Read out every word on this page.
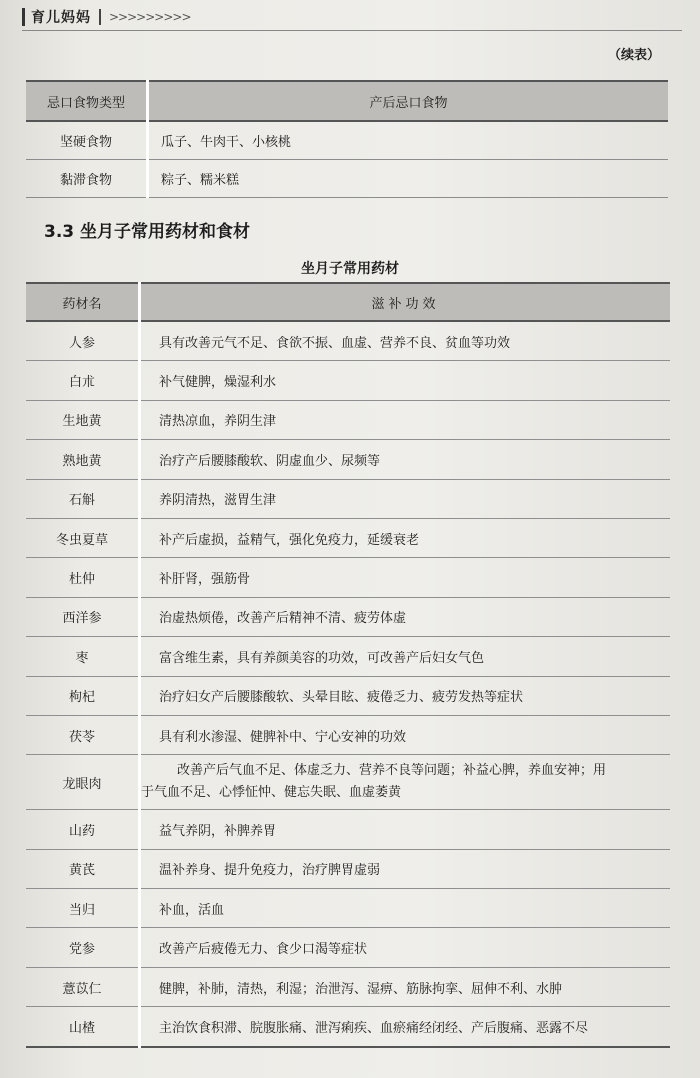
育儿妈妈 >>>>>>>>>
（续表）
忌口食物类型	产后忌口食物
坚硬食物	瓜子、牛肉干、小核桃
黏滞食物	粽子、糯米糕
3.3 坐月子常用药材和食材
坐月子常用药材
药材名	滋补功效
人参	具有改善元气不足、食欲不振、血虚、营养不良、贫血等功效
白朮	补气健脾，燥湿利水
生地黄	清热凉血，养阴生津
熟地黄	治疗产后腰膝酸软、阴虚血少、尿频等
石斛	养阴清热，滋胃生津
冬虫夏草	补产后虚损，益精气，强化免疫力，延缓衰老
杜仲	补肝肾，强筋骨
西洋参	治虚热烦倦，改善产后精神不清、疲劳体虚
枣	富含维生素，具有养颜美容的功效，可改善产后妇女气色
枸杞	治疗妇女产后腰膝酸软、头晕目眩、疲倦乏力、疲劳发热等症状
茯苓	具有利水渗湿、健脾补中、宁心安神的功效
龙眼肉	改善产后气血不足、体虚乏力、营养不良等问题；补益心脾，养血安神；用
于气血不足、心悸怔忡、健忘失眠、血虚萎黄

山药	益气养阴，补脾养胃
黄芪	温补养身、提升免疫力，治疗脾胃虚弱
当归	补血，活血
党参	改善产后疲倦无力、食少口渴等症状
薏苡仁	健脾，补肺，清热，利湿；治泄泻、湿痹、筋脉拘挛、屈伸不利、水肿
山楂	主治饮食积滞、脘腹胀痛、泄泻痢疾、血瘀痛经闭经、产后腹痛、恶露不尽
